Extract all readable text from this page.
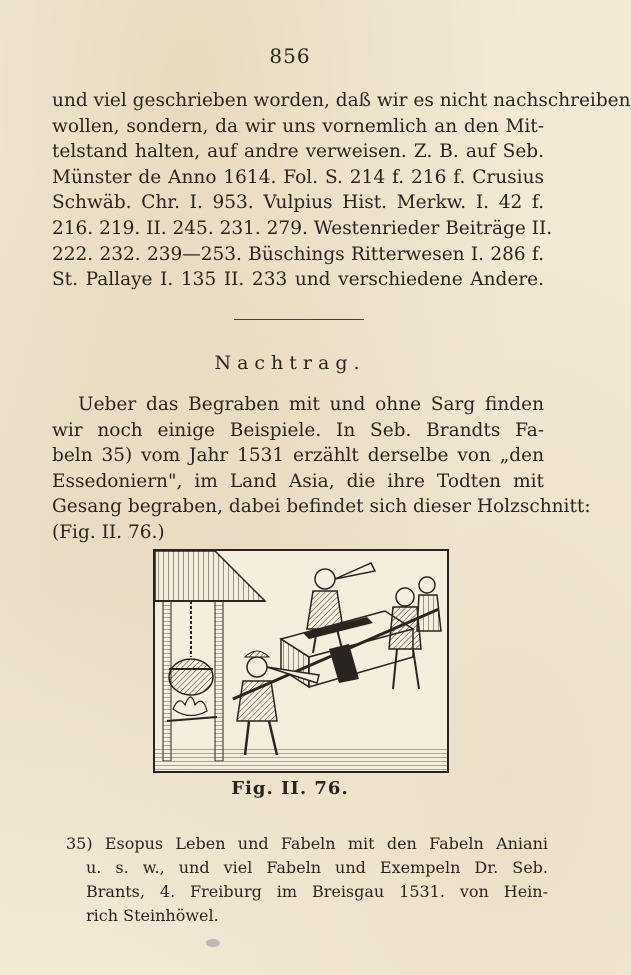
856
und viel geschrieben worden, daß wir es nicht nachschreiben
wollen, sondern, da wir uns vornemlich an den Mit-
telstand halten, auf andre verweisen. Z. B. auf Seb.
Münster de Anno 1614. Fol. S. 214 f. 216 f. Crusius
Schwäb. Chr. I. 953. Vulpius Hist. Merkw. I. 42 f.
216. 219. II. 245. 231. 279. Westenrieder Beiträge II.
222. 232. 239—253. Büschings Ritterwesen I. 286 f.
St. Pallaye I. 135 II. 233 und verschiedene Andere.
Nachtrag.
Ueber das Begraben mit und ohne Sarg finden
wir noch einige Beispiele. In Seb. Brandts Fa-
beln 35) vom Jahr 1531 erzählt derselbe von „den
Essedoniern", im Land Asia, die ihre Todten mit
Gesang begraben, dabei befindet sich dieser Holzschnitt:
(Fig. II. 76.)
Fig. II. 76.
35) Esopus Leben und Fabeln mit den Fabeln Aniani
u. s. w., und viel Fabeln und Exempeln Dr. Seb.
Brants, 4. Freiburg im Breisgau 1531. von Hein-
rich Steinhöwel.
